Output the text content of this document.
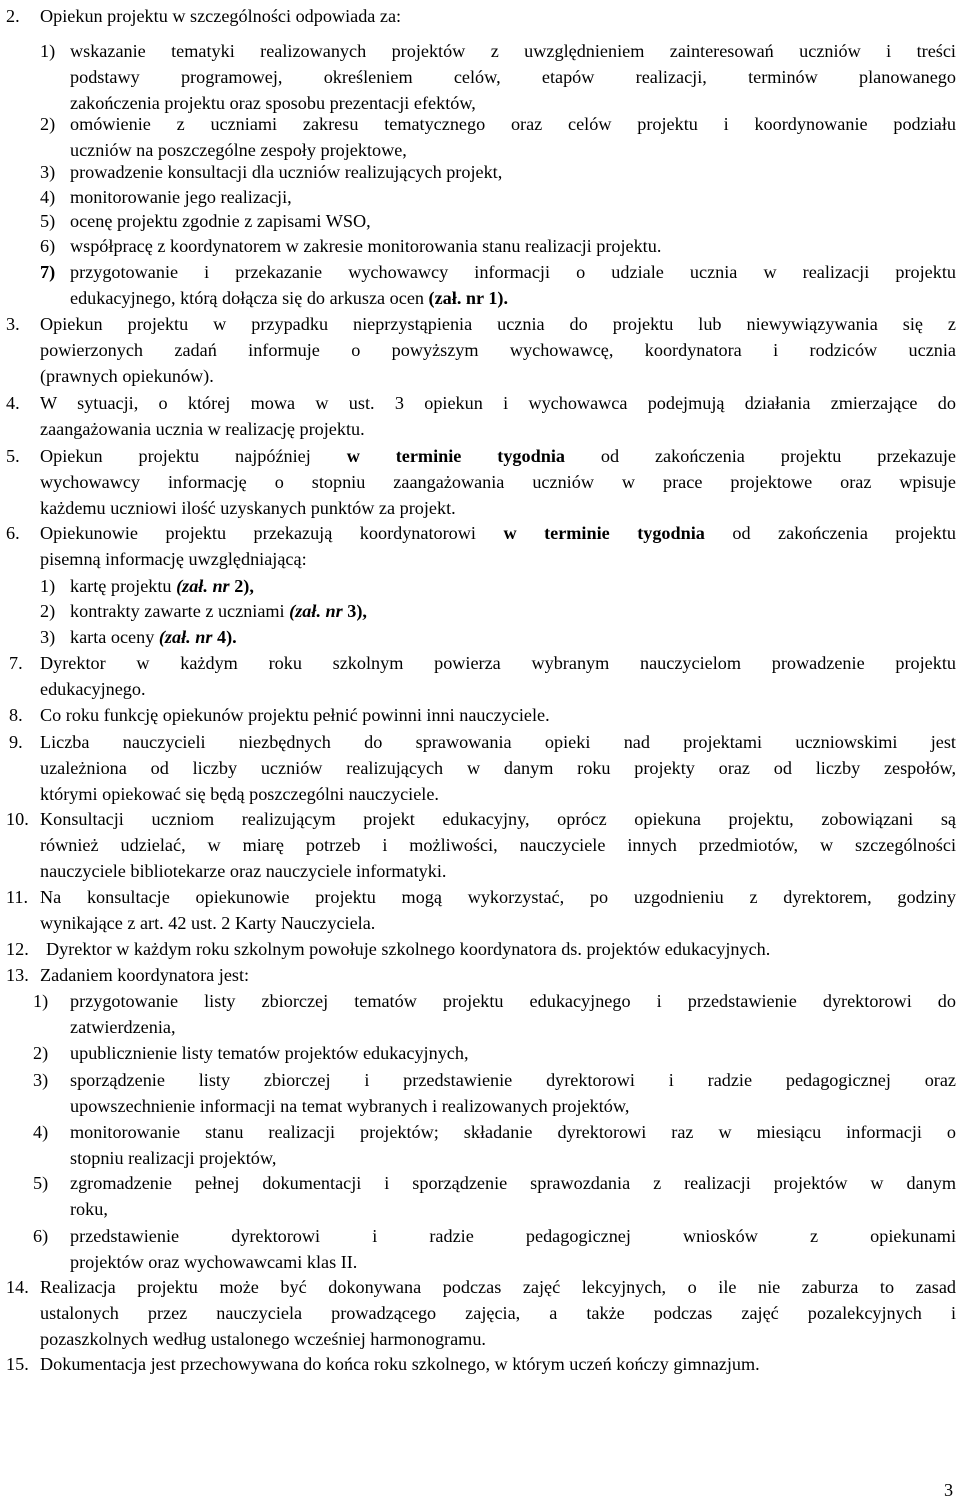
2. Opiekun projektu w szczególności odpowiada za:
1) wskazanie tematyki realizowanych projektów z uwzględnieniem zainteresowań uczniów i treści
podstawy programowej, określeniem celów, etapów realizacji, terminów planowanego
zakończenia projektu oraz sposobu prezentacji efektów,
2) omówienie z uczniami zakresu tematycznego oraz celów projektu i koordynowanie podziału
uczniów na poszczególne zespoły projektowe,
3) prowadzenie konsultacji dla uczniów realizujących projekt,
4) monitorowanie jego realizacji,
5) ocenę projektu zgodnie z zapisami WSO,
6) współpracę z koordynatorem w zakresie monitorowania stanu realizacji projektu.
7) przygotowanie i przekazanie wychowawcy informacji o udziale ucznia w realizacji projektu
edukacyjnego, którą dołącza się do arkusza ocen (zał. nr 1).
3. Opiekun projektu w przypadku nieprzystąpienia ucznia do projektu lub niewywiązywania się z
powierzonych zadań informuje o powyższym wychowawcę, koordynatora i rodziców ucznia
(prawnych opiekunów).
4. W sytuacji, o której mowa w ust. 3 opiekun i wychowawca podejmują działania zmierzające do
zaangażowania ucznia w realizację projektu.
5. Opiekun projektu najpóźniej w terminie tygodnia od zakończenia projektu przekazuje
wychowawcy informację o stopniu zaangażowania uczniów w prace projektowe oraz wpisuje
każdemu uczniowi ilość uzyskanych punktów za projekt.
6. Opiekunowie projektu przekazują koordynatorowi w terminie tygodnia od zakończenia projektu
pisemną informację uwzględniającą:
1) kartę projektu (zał. nr 2),
2) kontrakty zawarte z uczniami (zał. nr 3),
3) karta oceny (zał. nr 4).
7. Dyrektor w każdym roku szkolnym powierza wybranym nauczycielom prowadzenie projektu
edukacyjnego.
8. Co roku funkcję opiekunów projektu pełnić powinni inni nauczyciele.
9. Liczba nauczycieli niezbędnych do sprawowania opieki nad projektami uczniowskimi jest
uzależniona od liczby uczniów realizujących w danym roku projekty oraz od liczby zespołów,
którymi opiekować się będą poszczególni nauczyciele.
10. Konsultacji uczniom realizującym projekt edukacyjny, oprócz opiekuna projektu, zobowiązani są
również udzielać, w miarę potrzeb i możliwości, nauczyciele innych przedmiotów, w szczególności
nauczyciele bibliotekarze oraz nauczyciele informatyki.
11. Na konsultacje opiekunowie projektu mogą wykorzystać, po uzgodnieniu z dyrektorem, godziny
wynikające z art. 42 ust. 2 Karty Nauczyciela.
12. Dyrektor w każdym roku szkolnym powołuje szkolnego koordynatora ds. projektów edukacyjnych.
13. Zadaniem koordynatora jest:
1) przygotowanie listy zbiorczej tematów projektu edukacyjnego i przedstawienie dyrektorowi do
zatwierdzenia,
2) upublicznienie listy tematów projektów edukacyjnych,
3) sporządzenie listy zbiorczej i przedstawienie dyrektorowi i radzie pedagogicznej oraz
upowszechnienie informacji na temat wybranych i realizowanych projektów,
4) monitorowanie stanu realizacji projektów; składanie dyrektorowi raz w miesiącu informacji o
stopniu realizacji projektów,
5) zgromadzenie pełnej dokumentacji i sporządzenie sprawozdania z realizacji projektów w danym
roku,
6) przedstawienie dyrektorowi i radzie pedagogicznej wniosków z opiekunami
projektów oraz wychowawcami klas II.
14. Realizacja projektu może być dokonywana podczas zajęć lekcyjnych, o ile nie zaburza to zasad
ustalonych przez nauczyciela prowadzącego zajęcia, a także podczas zajęć pozalekcyjnych i
pozaszkolnych według ustalonego wcześniej harmonogramu.
15. Dokumentacja jest przechowywana do końca roku szkolnego, w którym uczeń kończy gimnazjum.
3
